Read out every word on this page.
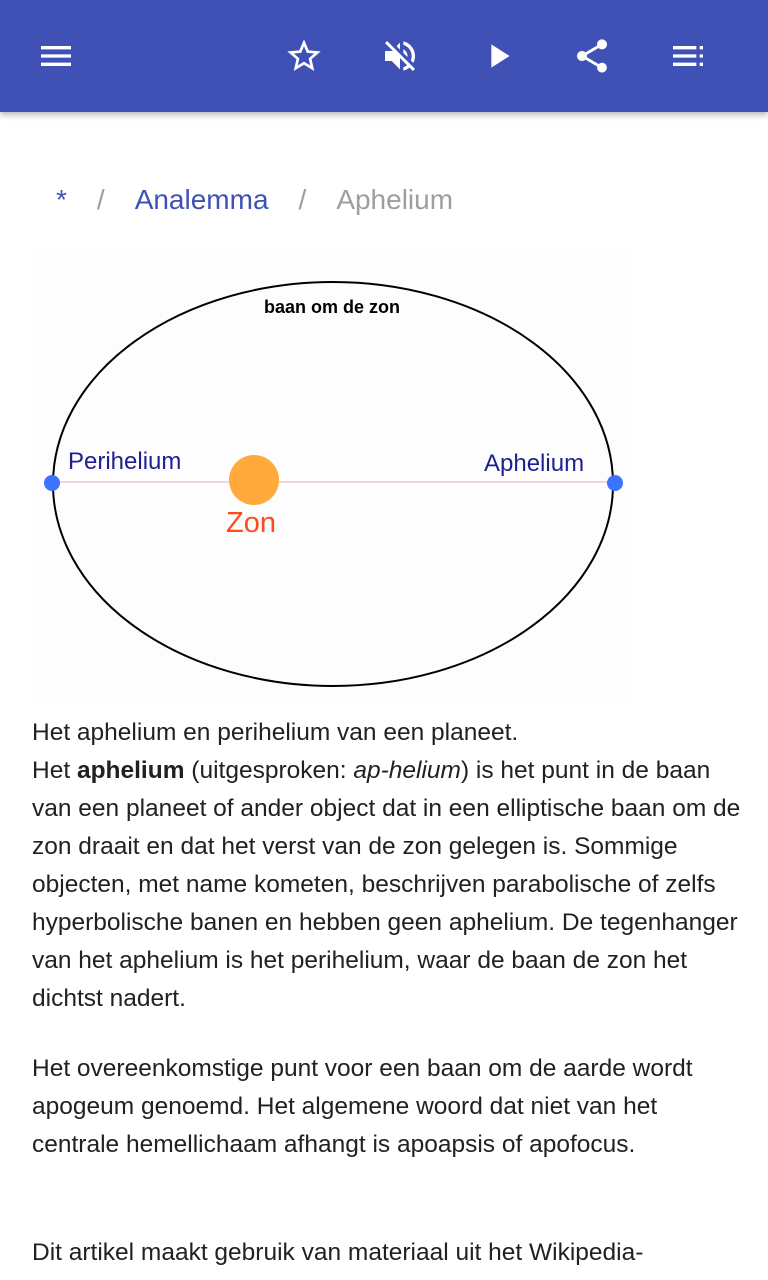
* / Analemma / Aphelium
baan om de zon
Perihelium	Aphelium
Zon

Het aphelium en perihelium van een planeet.

Het aphelium (uitgesproken: ap-helium) is het punt in de baan van een planeet of ander object dat in een elliptische baan om de zon draait en dat het verst van de zon gelegen is. Sommige objecten, met name kometen, beschrijven parabolische of zelfs hyperbolische banen en hebben geen aphelium. De tegenhanger van het aphelium is het perihelium, waar de baan de zon het dichtst nadert.

Het overeenkomstige punt voor een baan om de aarde wordt apogeum genoemd. Het algemene woord dat niet van het centrale hemellichaam afhangt is apoapsis of apofocus.

Dit artikel maakt gebruik van materiaal uit het Wikipedia-
